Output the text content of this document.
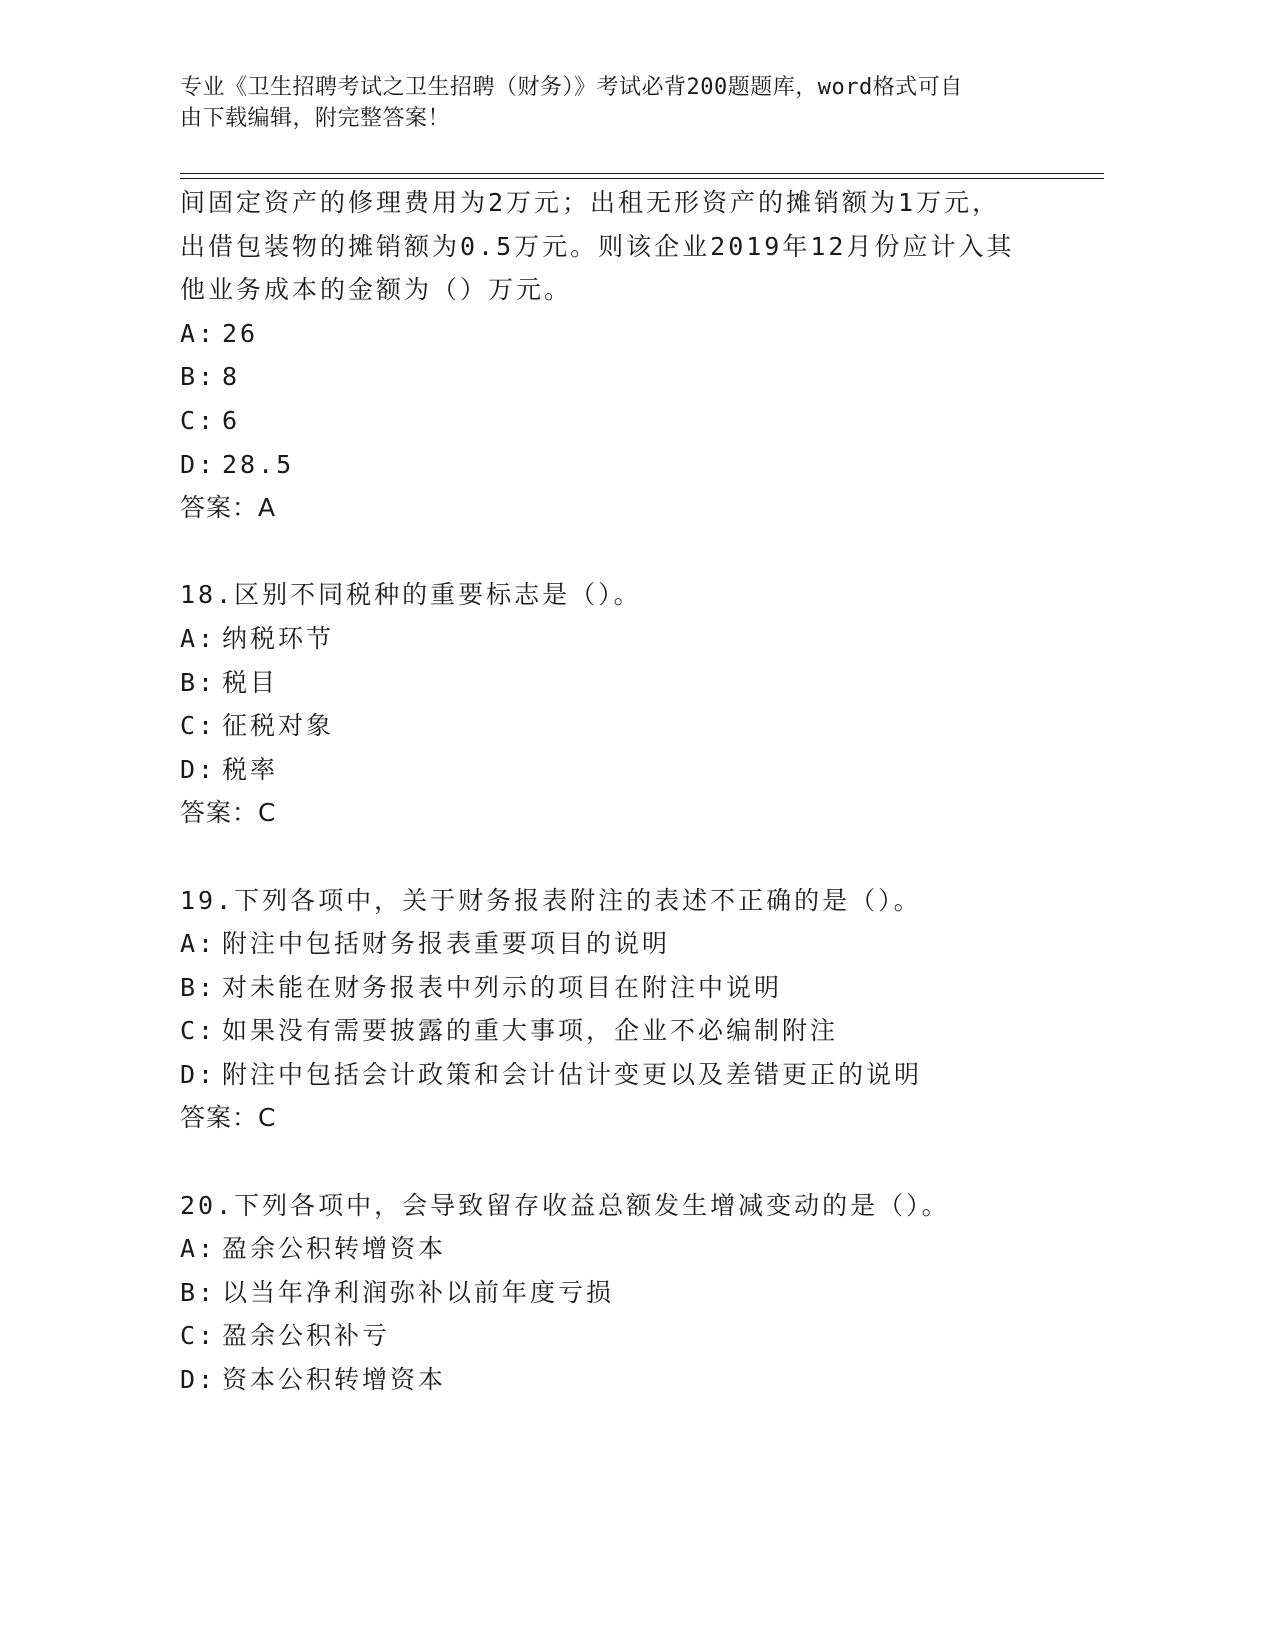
专业《卫生招聘考试之卫生招聘（财务）》考试必背200题题库，word格式可自
由下载编辑，附完整答案！
间固定资产的修理费用为2万元；出租无形资产的摊销额为1万元，
出借包装物的摊销额为0.5万元。则该企业2019年12月份应计入其
他业务成本的金额为（）万元。
A: 26
B: 8
C: 6
D: 28.5
答案：A
18.区别不同税种的重要标志是（）。
A: 纳税环节
B: 税目
C: 征税对象
D: 税率
答案：C
19.下列各项中，关于财务报表附注的表述不正确的是（）。
A: 附注中包括财务报表重要项目的说明
B: 对未能在财务报表中列示的项目在附注中说明
C: 如果没有需要披露的重大事项，企业不必编制附注
D: 附注中包括会计政策和会计估计变更以及差错更正的说明
答案：C
20.下列各项中，会导致留存收益总额发生增减变动的是（）。
A: 盈余公积转增资本
B: 以当年净利润弥补以前年度亏损
C: 盈余公积补亏
D: 资本公积转增资本
